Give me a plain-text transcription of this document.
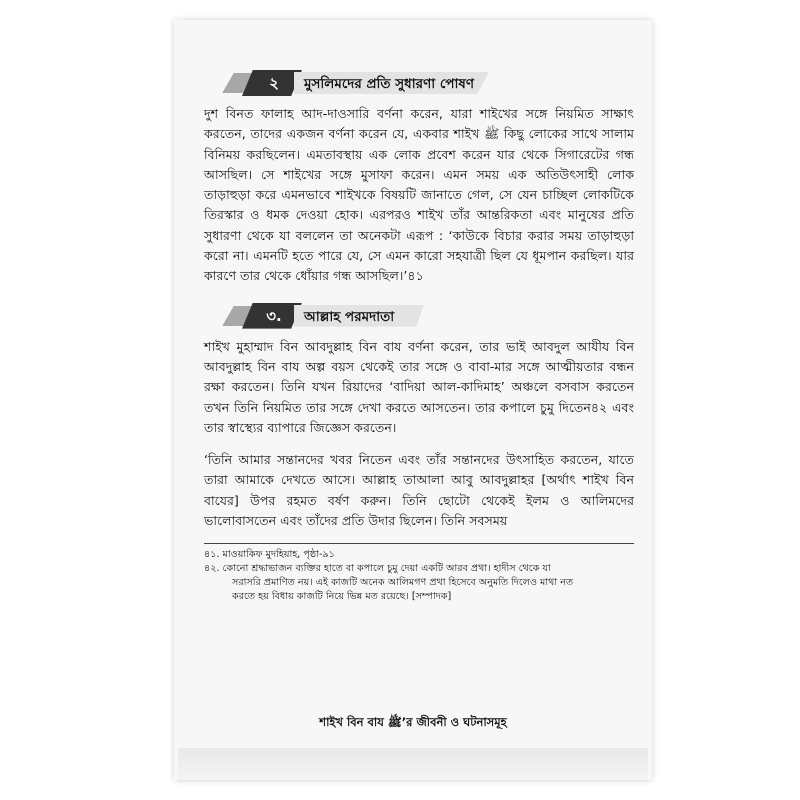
২	মুসলিমদের প্রতি সুধারণা পোষণ

দুশ বিনত ফালাহ আদ-দাওসারি বর্ণনা করেন, যারা শাইখের সঙ্গে নিয়মিত সাক্ষাৎ করতেন, তাদের একজন বর্ণনা করেন যে, একবার শাইখ ﷺ কিছু লোকের সাথে সালাম বিনিময় করছিলেন। এমতাবস্থায় এক লোক প্রবেশ করেন যার থেকে সিগারেটের গন্ধ আসছিল। সে শাইখের সঙ্গে মুসাফা করেন। এমন সময় এক অতিউৎসাহী লোক তাড়াহুড়া করে এমনভাবে শাইখকে বিষয়টি জানাতে গেল, সে যেন চাচ্ছিল লোকটিকে তিরস্কার ও ধমক দেওয়া হোক। এরপরও শাইখ তাঁর আন্তরিকতা এবং মানুষের প্রতি সুধারণা থেকে যা বললেন তা অনেকটা এরূপ : ‘কাউকে বিচার করার সময় তাড়াহুড়া করো না। এমনটি হতে পারে যে, সে এমন কারো সহযাত্রী ছিল যে ধূমপান করছিল। যার কারণে তার থেকে ধোঁয়ার গন্ধ আসছিল।’৪১

৩.	আল্লাহ পরমদাতা

শাইখ মুহাম্মাদ বিন আবদুল্লাহ বিন বায বর্ণনা করেন, তার ভাই আবদুল আযীয বিন আবদুল্লাহ বিন বায অল্প বয়স থেকেই তার সঙ্গে ও বাবা-মার সঙ্গে আত্মীয়তার বন্ধন রক্ষা করতেন। তিনি যখন রিয়াদের ‘বাদিয়া আল-কাদিমাহ’ অঞ্চলে বসবাস করতেন তখন তিনি নিয়মিত তার সঙ্গে দেখা করতে আসতেন। তার কপালে চুমু দিতেন৪২ এবং তার স্বাস্থ্যের ব্যাপারে জিজ্ঞেস করতেন।

‘তিনি আমার সন্তানদের খবর নিতেন এবং তাঁর সন্তানদের উৎসাহিত করতেন, যাতে তারা আমাকে দেখতে আসে। আল্লাহ তাআলা আবু আবদুল্লাহর [অর্থাৎ শাইখ বিন বাযের] উপর রহমত বর্ষণ করুন। তিনি ছোটো থেকেই ইলম ও আলিমদের ভালোবাসতেন এবং তাঁদের প্রতি উদার ছিলেন। তিনি সবসময়

৪১. মাওয়াকিফ মুদহিয়াহ, পৃষ্ঠা-৯১

৪২. কোনো শ্রদ্ধাভাজন ব্যক্তির হাতে বা কপালে চুমু দেয়া একটি আরব প্রথা। হাদীস থেকে যা

সরাসরি প্রমাণিত নয়। এই কাজটি অনেক আলিমগণ প্রথা হিসেবে অনুমতি দিলেও মাথা নত

করতে হয় বিধায় কাজটি নিয়ে ভিন্ন মত রয়েছে। [সম্পাদক]

শাইখ বিন বায ﷺ’র জীবনী ও ঘটনাসমূহ
